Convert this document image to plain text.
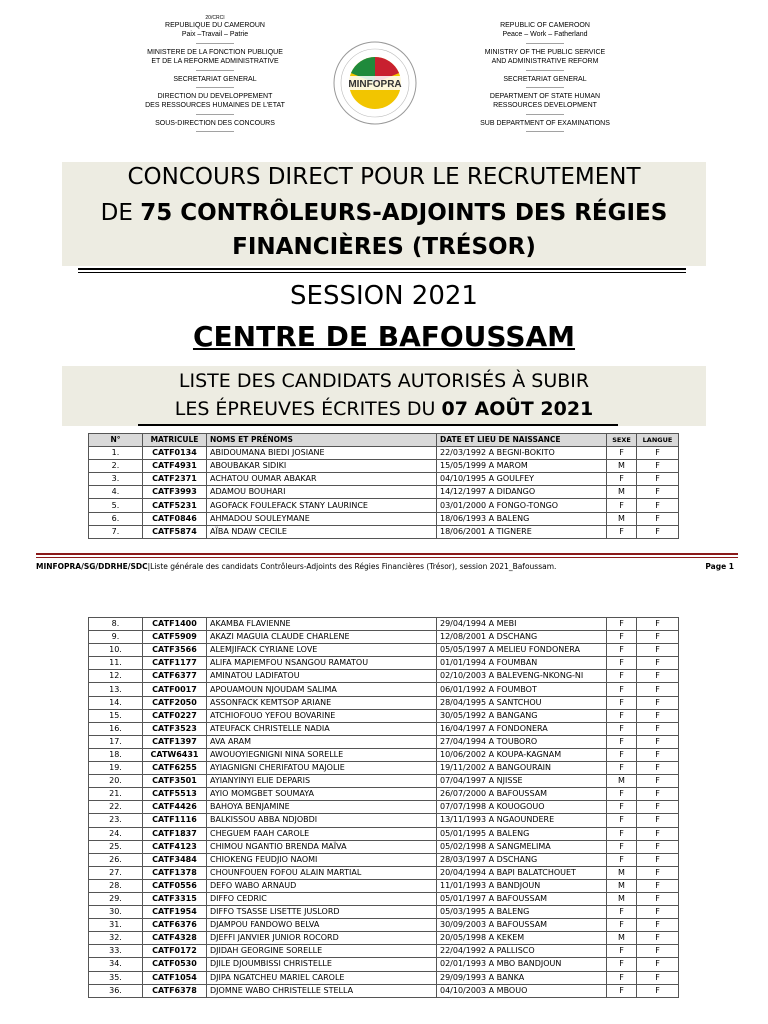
20/CRCI
REPUBLIQUE DU CAMEROUN
Paix –Travail – Patrie
-------------------
MINISTERE DE LA FONCTION PUBLIQUE
ET DE LA REFORME ADMINISTRATIVE
-------------------
SECRETARIAT GENERAL
-------------------
DIRECTION DU DEVELOPPEMENT
DES RESSOURCES HUMAINES DE L’ETAT
-------------------
SOUS-DIRECTION DES CONCOURS
-------------------

REPUBLIC OF CAMEROON
Peace – Work – Fatherland
-------------------
MINISTRY OF THE PUBLIC SERVICE
AND ADMINISTRATIVE REFORM
-------------------
SECRETARIAT GENERAL
-------------------
DEPARTMENT OF STATE HUMAN
RESSOURCES DEVELOPMENT
-------------------
SUB DEPARTMENT OF EXAMINATIONS
-------------------
MINFOPRA
CONCOURS DIRECT POUR LE RECRUTEMENT
DE 75 CONTRÔLEURS-ADJOINTS DES RÉGIES
FINANCIÈRES (TRÉSOR)
SESSION 2021
CENTRE DE BAFOUSSAM
LISTE DES CANDIDATS AUTORISÉS À SUBIR
LES ÉPREUVES ÉCRITES DU 07 AOÛT 2021
N°	MATRICULE	NOMS ET PRÉNOMS	DATE ET LIEU DE NAISSANCE	SEXE	LANGUE
1.	CATF0134	ABIDOUMANA BIEDI JOSIANE	22/03/1992 A BEGNI-BOKITO	F	F
2.	CATF4931	ABOUBAKAR SIDIKI	15/05/1999 A MAROM	M	F
3.	CATF2371	ACHATOU OUMAR ABAKAR	04/10/1995 A GOULFEY	F	F
4.	CATF3993	ADAMOU BOUHARI	14/12/1997 A DIDANGO	M	F
5.	CATF5231	AGOFACK FOULEFACK STANY LAURINCE	03/01/2000 A FONGO-TONGO	F	F
6.	CATF0846	AHMADOU SOULEYMANE	18/06/1993 A BALENG	M	F
7.	CATF5874	AÏBA NDAW CECILE	18/06/2001 A TIGNERE	F	F
MINFOPRA/SG/DDRHE/SDC|Liste générale des candidats Contrôleurs-Adjoints des Régies Financières (Trésor), session 2021_Bafoussam.	Page 1
8.	CATF1400	AKAMBA FLAVIENNE	29/04/1994 A MEBI	F	F
9.	CATF5909	AKAZI MAGUIA CLAUDE CHARLENE	12/08/2001 A DSCHANG	F	F
10.	CATF3566	ALEMJIFACK CYRIANE LOVE	05/05/1997 A MELIEU FONDONERA	F	F
11.	CATF1177	ALIFA MAPIEMFOU NSANGOU RAMATOU	01/01/1994 A FOUMBAN	F	F
12.	CATF6377	AMINATOU LADIFATOU	02/10/2003 A BALEVENG-NKONG-NI	F	F
13.	CATF0017	APOUAMOUN NJOUDAM SALIMA	06/01/1992 A FOUMBOT	F	F
14.	CATF2050	ASSONFACK KEMTSOP ARIANE	28/04/1995 A SANTCHOU	F	F
15.	CATF0227	ATCHIOFOUO YEFOU BOVARINE	30/05/1992 A BANGANG	F	F
16.	CATF3523	ATEUFACK CHRISTELLE NADIA	16/04/1997 A FONDONERA	F	F
17.	CATF1397	AVA ARAM	27/04/1994 A TOUBORO	F	F
18.	CATW6431	AWOUOYIEGNIGNI NINA SORELLE	10/06/2002 A KOUPA-KAGNAM	F	F
19.	CATF6255	AYIAGNIGNI CHERIFATOU MAJOLIE	19/11/2002 A BANGOURAIN	F	F
20.	CATF3501	AYIANYINYI ELIE DEPARIS	07/04/1997 A NJISSE	M	F
21.	CATF5513	AYIO MOMGBET SOUMAYA	26/07/2000 A BAFOUSSAM	F	F
22.	CATF4426	BAHOYA BENJAMINE	07/07/1998 A KOUOGOUO	F	F
23.	CATF1116	BALKISSOU ABBA NDJOBDI	13/11/1993 A NGAOUNDERE	F	F
24.	CATF1837	CHEGUEM FAAH CAROLE	05/01/1995 A BALENG	F	F
25.	CATF4123	CHIMOU NGANTIO BRENDA MAÏVA	05/02/1998 A SANGMELIMA	F	F
26.	CATF3484	CHIOKENG FEUDJIO NAOMI	28/03/1997 A DSCHANG	F	F
27.	CATF1378	CHOUNFOUEN FOFOU ALAIN MARTIAL	20/04/1994 A BAPI BALATCHOUET	M	F
28.	CATF0556	DEFO WABO ARNAUD	11/01/1993 A BANDJOUN	M	F
29.	CATF3315	DIFFO CEDRIC	05/01/1997 A BAFOUSSAM	M	F
30.	CATF1954	DIFFO TSASSE LISETTE JUSLORD	05/03/1995 A BALENG	F	F
31.	CATF6376	DJAMPOU FANDOWO BELVA	30/09/2003 A BAFOUSSAM	F	F
32.	CATF4328	DJEFFI JANVIER JUNIOR ROCORD	20/05/1998 A KEKEM	M	F
33.	CATF0172	DJIDAH GEORGINE SORELLE	22/04/1992 A PALLISCO	F	F
34.	CATF0530	DJILE DJOUMBISSI CHRISTELLE	02/01/1993 A MBO BANDJOUN	F	F
35.	CATF1054	DJIPA NGATCHEU MARIEL CAROLE	29/09/1993 A BANKA	F	F
36.	CATF6378	DJOMNE WABO CHRISTELLE STELLA	04/10/2003 A MBOUO	F	F
